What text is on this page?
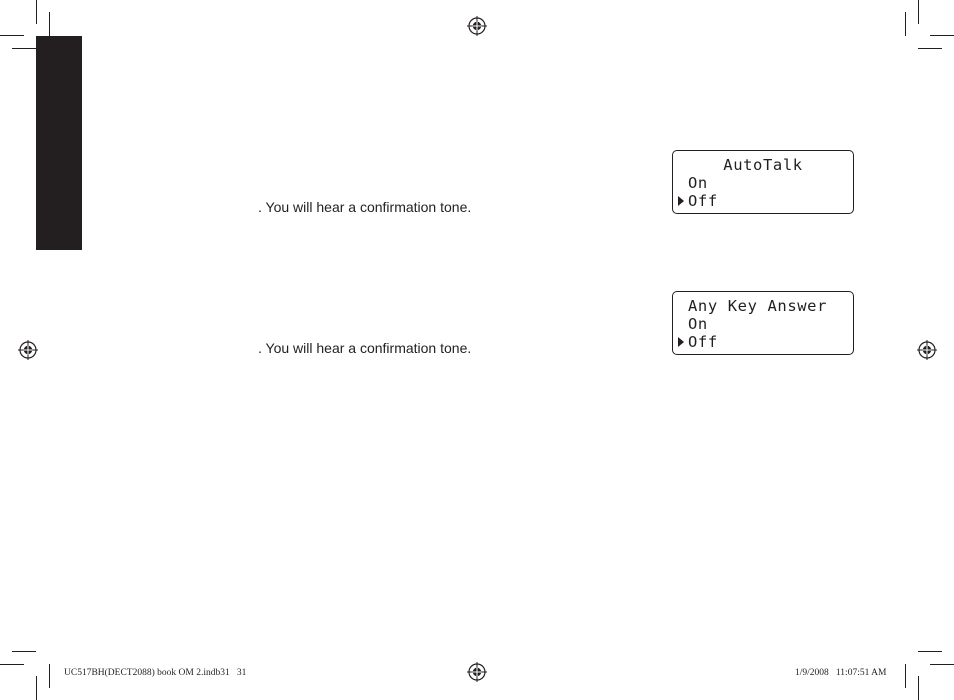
. You will hear a confirmation tone.
. You will hear a confirmation tone.
AutoTalk
On
Off
Any Key Answer
On
Off
UC517BH(DECT2088) book OM 2.indb31   31	1/9/2008   11:07:51 AM
